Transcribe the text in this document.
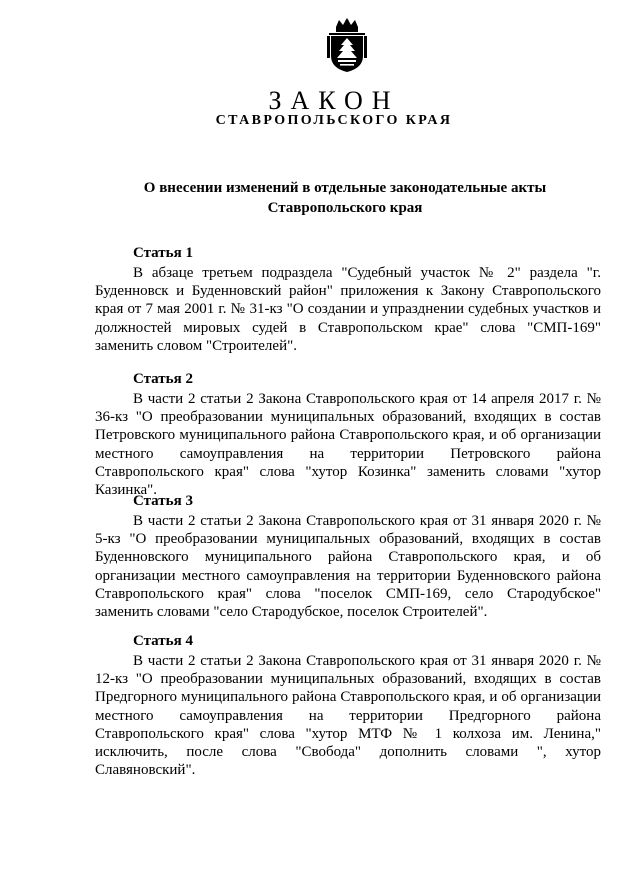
ЗАКОН
СТАВРОПОЛЬСКОГО КРАЯ
О внесении изменений в отдельные законодательные акты
Ставропольского края
Статья 1

В абзаце третьем подраздела "Судебный участок № 2" раздела "г. Буденновск и Буденновский район" приложения к Закону Ставропольского края от 7 мая 2001 г. № 31-кз "О создании и упразднении судебных участков и должностей мировых судей в Ставропольском крае" слова "СМП-169" заменить словом "Строителей".

Статья 2

В части 2 статьи 2 Закона Ставропольского края от 14 апреля 2017 г. № 36-кз "О преобразовании муниципальных образований, входящих в состав Петровского муниципального района Ставропольского края, и об организации местного самоуправления на территории Петровского района Ставропольского края" слова "хутор Козинка" заменить словами "хутор Казинка".

Статья 3

В части 2 статьи 2 Закона Ставропольского края от 31 января 2020 г. № 5-кз "О преобразовании муниципальных образований, входящих в состав Буденновского муниципального района Ставропольского края, и об организации местного самоуправления на территории Буденновского района Ставропольского края" слова "поселок СМП-169, село Стародубское" заменить словами "село Стародубское, поселок Строителей".

Статья 4

В части 2 статьи 2 Закона Ставропольского края от 31 января 2020 г. № 12-кз "О преобразовании муниципальных образований, входящих в состав Предгорного муниципального района Ставропольского края, и об организации местного самоуправления на территории Предгорного района Ставропольского края" слова "хутор МТФ № 1 колхоза им. Ленина," исключить, после слова "Свобода" дополнить словами ", хутор Славяновский".
